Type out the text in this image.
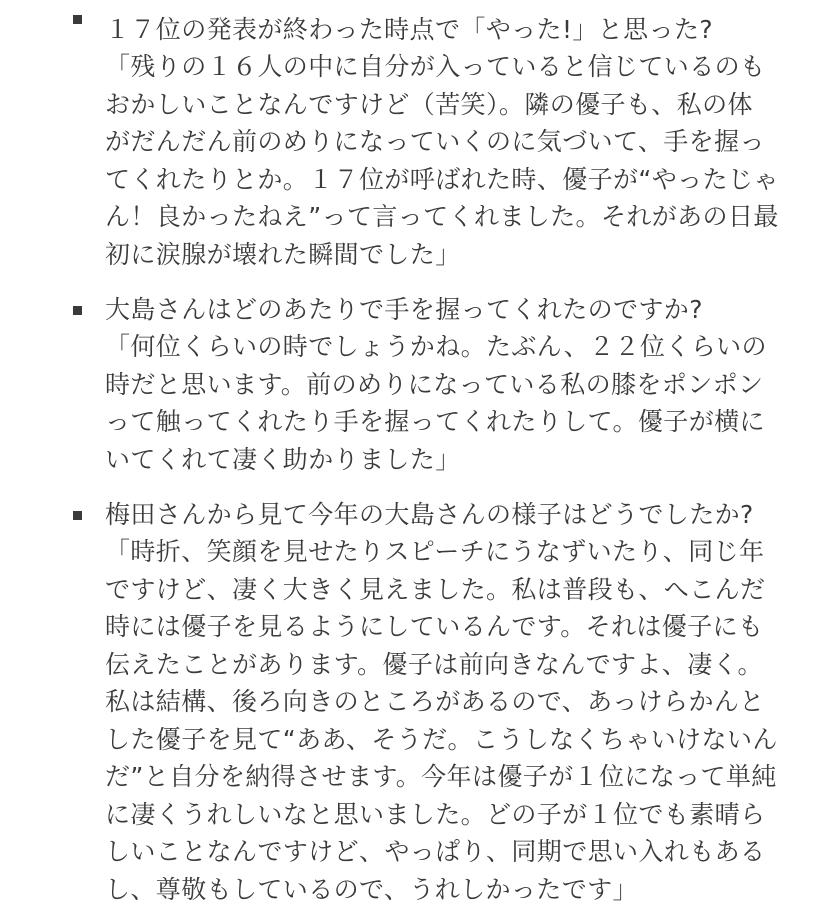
１７位の発表が終わった時点で「やった!」と思った?

「残りの１６人の中に自分が入っていると信じているのも
おかしいことなんですけど（苦笑）。隣の優子も、私の体
がだんだん前のめりになっていくのに気づいて、手を握っ
てくれたりとか。１７位が呼ばれた時、優子が“やったじゃ
ん！良かったねえ”って言ってくれました。それがあの日最
初に涙腺が壊れた瞬間でした」

大島さんはどのあたりで手を握ってくれたのですか?

「何位くらいの時でしょうかね。たぶん、２２位くらいの
時だと思います。前のめりになっている私の膝をポンポン
って触ってくれたり手を握ってくれたりして。優子が横に
いてくれて凄く助かりました」

梅田さんから見て今年の大島さんの様子はどうでしたか?

「時折、笑顔を見せたりスピーチにうなずいたり、同じ年
ですけど、凄く大きく見えました。私は普段も、へこんだ
時には優子を見るようにしているんです。それは優子にも
伝えたことがあります。優子は前向きなんですよ、凄く。
私は結構、後ろ向きのところがあるので、あっけらかんと
した優子を見て“ああ、そうだ。こうしなくちゃいけないん
だ”と自分を納得させます。今年は優子が１位になって単純
に凄くうれしいなと思いました。どの子が１位でも素晴ら
しいことなんですけど、やっぱり、同期で思い入れもある
し、尊敬もしているので、うれしかったです」
